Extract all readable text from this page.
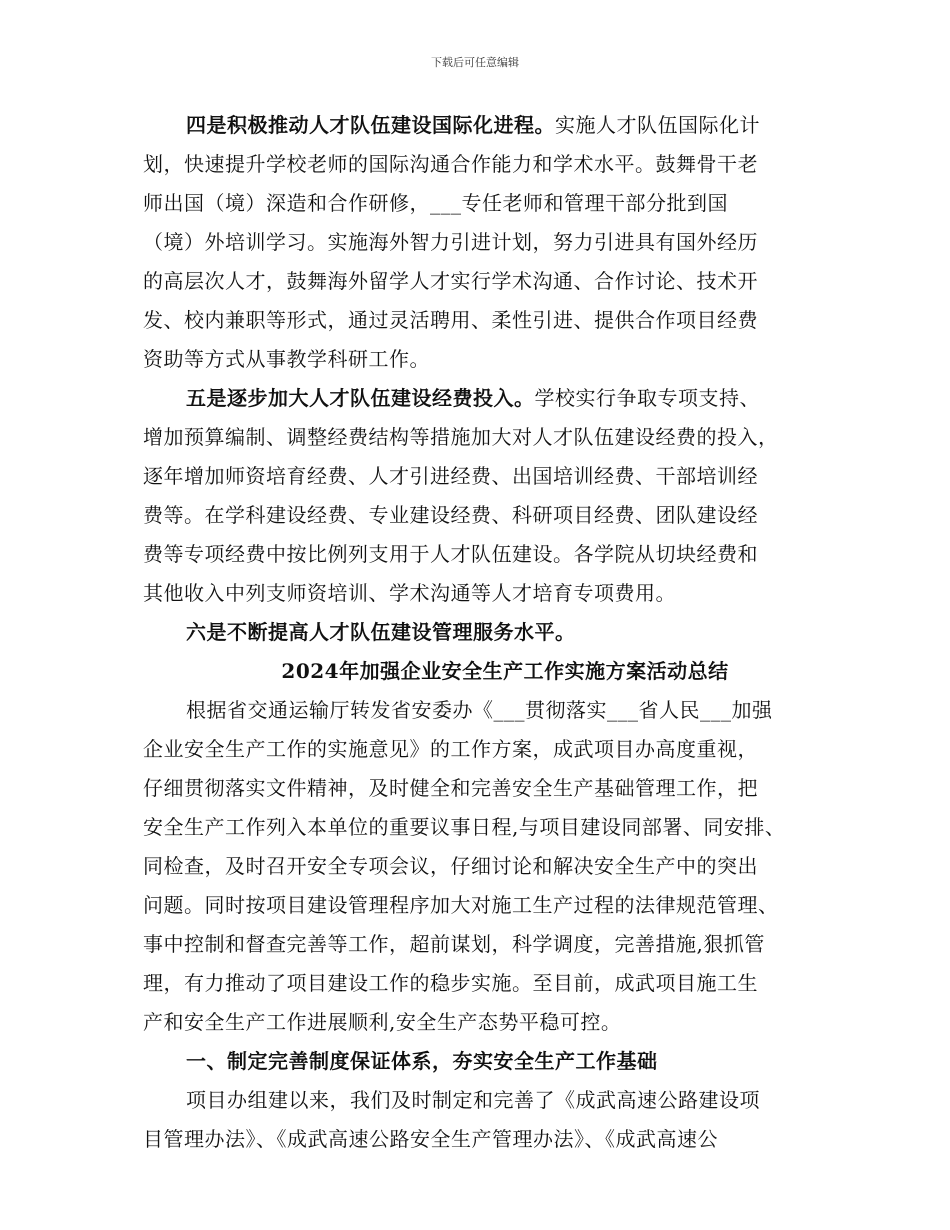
下载后可任意编辑
四是积极推动人才队伍建设国际化进程。实施人才队伍国际化计
划，快速提升学校老师的国际沟通合作能力和学术水平。鼓舞骨干老
师出国（境）深造和合作研修，___专任老师和管理干部分批到国
（境）外培训学习。实施海外智力引进计划，努力引进具有国外经历
的高层次人才，鼓舞海外留学人才实行学术沟通、合作讨论、技术开
发、校内兼职等形式，通过灵活聘用、柔性引进、提供合作项目经费
资助等方式从事教学科研工作。
五是逐步加大人才队伍建设经费投入。学校实行争取专项支持、
增加预算编制、调整经费结构等措施加大对人才队伍建设经费的投入，
逐年增加师资培育经费、人才引进经费、出国培训经费、干部培训经
费等。在学科建设经费、专业建设经费、科研项目经费、团队建设经
费等专项经费中按比例列支用于人才队伍建设。各学院从切块经费和
其他收入中列支师资培训、学术沟通等人才培育专项费用。
六是不断提高人才队伍建设管理服务水平。
2024年加强企业安全生产工作实施方案活动总结
根据省交通运输厅转发省安委办《___贯彻落实___省人民___加强
企业安全生产工作的实施意见》的工作方案，成武项目办高度重视，
仔细贯彻落实文件精神，及时健全和完善安全生产基础管理工作，把
安全生产工作列入本单位的重要议事日程,与项目建设同部署、同安排、
同检查，及时召开安全专项会议，仔细讨论和解决安全生产中的突出
问题。同时按项目建设管理程序加大对施工生产过程的法律规范管理、
事中控制和督查完善等工作，超前谋划，科学调度，完善措施,狠抓管
理，有力推动了项目建设工作的稳步实施。至目前，成武项目施工生
产和安全生产工作进展顺利,安全生产态势平稳可控。
一、制定完善制度保证体系，夯实安全生产工作基础
项目办组建以来，我们及时制定和完善了《成武高速公路建设项
目管理办法》、《成武高速公路安全生产管理办法》、《成武高速公
